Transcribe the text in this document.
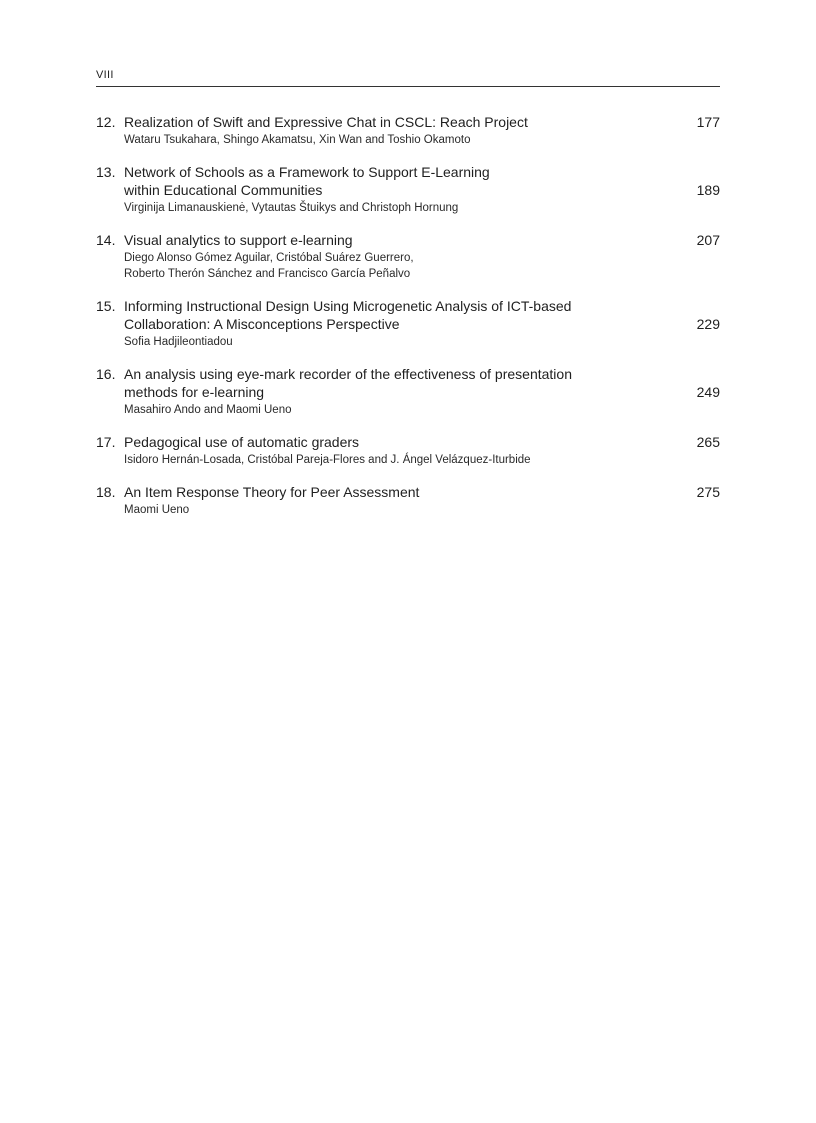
VIII
12. Realization of Swift and Expressive Chat in CSCL: Reach Project
Wataru Tsukahara, Shingo Akamatsu, Xin Wan and Toshio Okamoto
177
13. Network of Schools as a Framework to Support E-Learning
within Educational Communities
Virginija Limanauskienė, Vytautas Štuikys and Christoph Hornung
189
14. Visual analytics to support e-learning
Diego Alonso Gómez Aguilar, Cristóbal Suárez Guerrero,
Roberto Therón Sánchez and Francisco García Peñalvo
207
15. Informing Instructional Design Using Microgenetic Analysis of ICT-based
Collaboration: A Misconceptions Perspective
Sofia Hadjileontiadou
229
16. An analysis using eye-mark recorder of the effectiveness of presentation
methods for e-learning
Masahiro Ando and Maomi Ueno
249
17. Pedagogical use of automatic graders
Isidoro Hernán-Losada, Cristóbal Pareja-Flores and J. Ángel Velázquez-Iturbide
265
18. An Item Response Theory for Peer Assessment
Maomi Ueno
275
